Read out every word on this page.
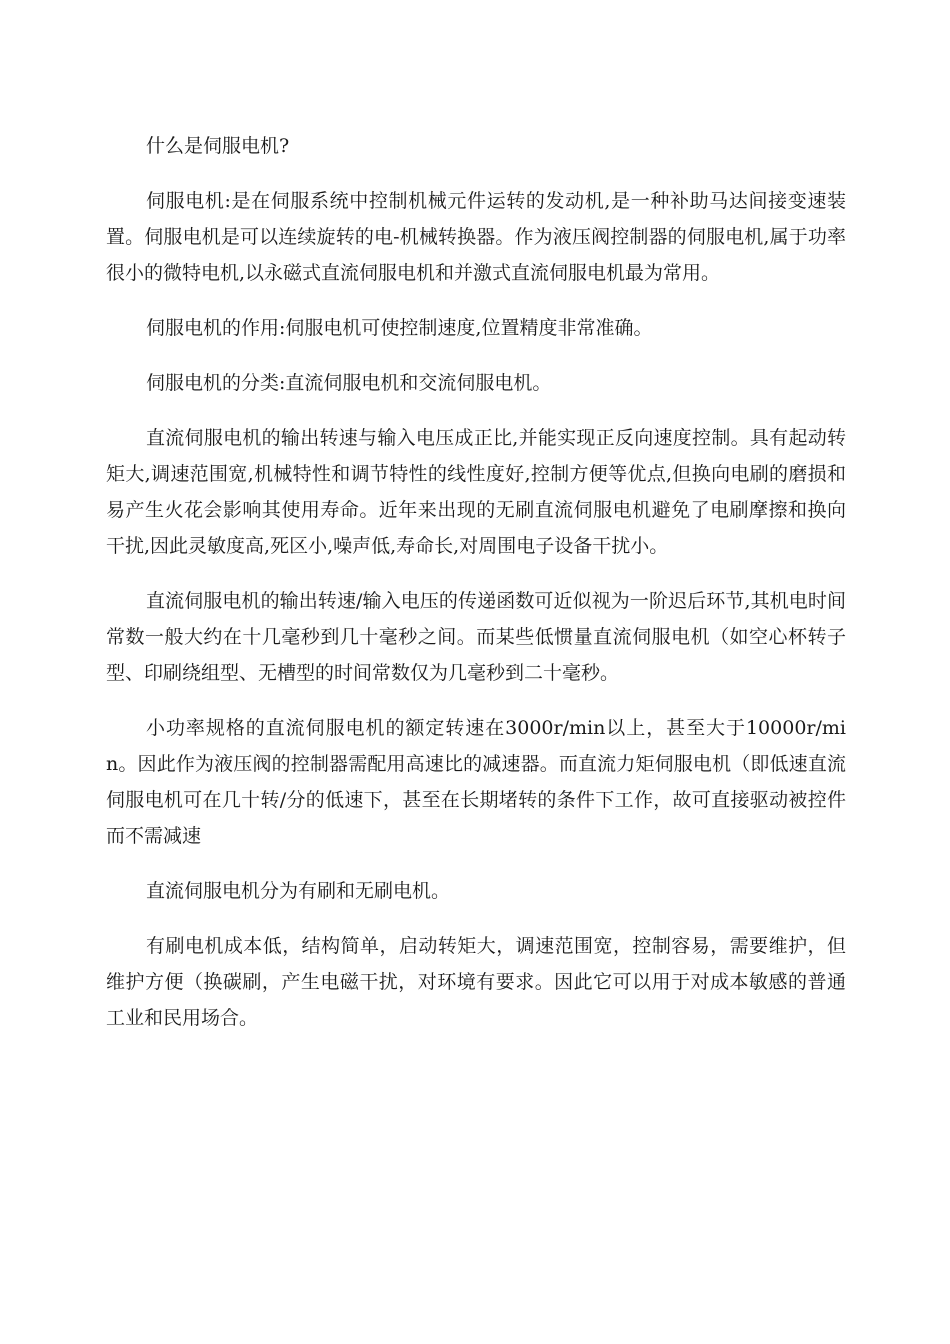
什么是伺服电机?

伺服电机:是在伺服系统中控制机械元件运转的发动机,是一种补助马达间接变速装置。伺服电机是可以连续旋转的电-机械转换器。作为液压阀控制器的伺服电机,属于功率很小的微特电机,以永磁式直流伺服电机和并激式直流伺服电机最为常用。

伺服电机的作用:伺服电机可使控制速度,位置精度非常准确。

伺服电机的分类:直流伺服电机和交流伺服电机。

直流伺服电机的输出转速与输入电压成正比,并能实现正反向速度控制。具有起动转矩大,调速范围宽,机械特性和调节特性的线性度好,控制方便等优点,但换向电刷的磨损和易产生火花会影响其使用寿命。近年来出现的无刷直流伺服电机避免了电刷摩擦和换向干扰,因此灵敏度高,死区小,噪声低,寿命长,对周围电子设备干扰小。

直流伺服电机的输出转速/输入电压的传递函数可近似视为一阶迟后环节,其机电时间常数一般大约在十几毫秒到几十毫秒之间。而某些低惯量直流伺服电机（如空心杯转子型、印刷绕组型、无槽型的时间常数仅为几毫秒到二十毫秒。

小功率规格的直流伺服电机的额定转速在3000r/min以上，甚至大于10000r/min。因此作为液压阀的控制器需配用高速比的减速器。而直流力矩伺服电机（即低速直流伺服电机可在几十转/分的低速下，甚至在长期堵转的条件下工作，故可直接驱动被控件而不需减速

直流伺服电机分为有刷和无刷电机。

有刷电机成本低，结构简单，启动转矩大，调速范围宽，控制容易，需要维护，但维护方便（换碳刷，产生电磁干扰，对环境有要求。因此它可以用于对成本敏感的普通工业和民用场合。
